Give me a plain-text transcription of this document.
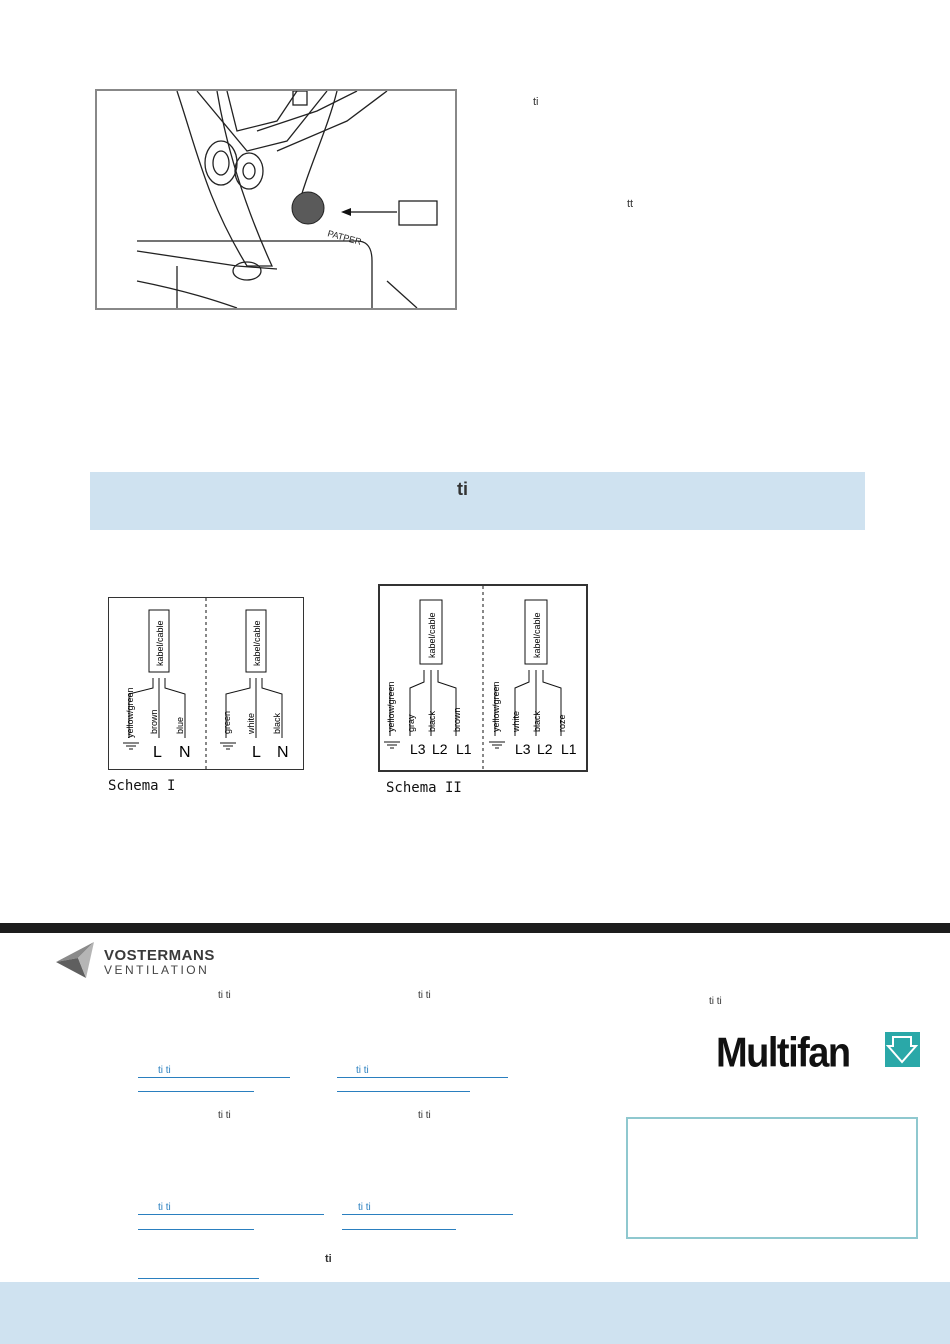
PATPER
ti
tt
ti
kabel/cable
yellow/green brown blue
L N
kabel/cable
green white black
L N
Schema I
kabel/cable
yellow/green gray black brown
L3 L2 L1
kabel/cable
yellow/green white black roze
L3 L2 L1
Schema II
VOSTERMANS
VENTILATION
ti ti	ti ti
ti ti
ti ti	ti ti
ti ti	ti ti
ti ti	ti ti
ti
Multifan
